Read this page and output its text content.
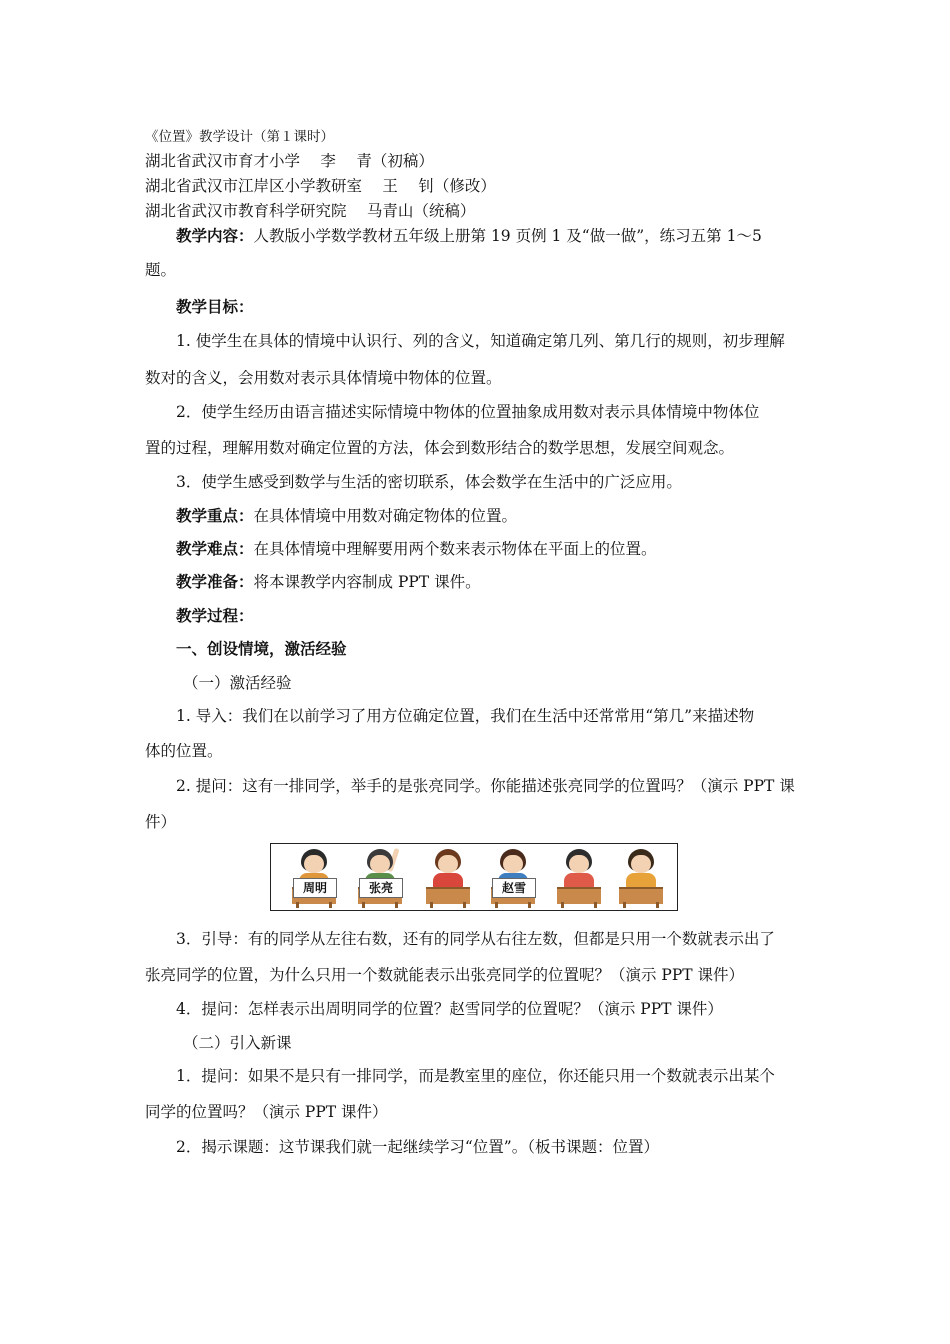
《位置》教学设计（第１课时）
湖北省武汉市育才小学　 李　 青（初稿）
湖北省武汉市江岸区小学教研室　 王　 钊（修改）
湖北省武汉市教育科学研究院　 马青山（统稿）
教学内容：人教版小学数学教材五年级上册第 19 页例 1 及“做一做”，练习五第 1～5
题。
教学目标：
1. 使学生在具体的情境中认识行、列的含义，知道确定第几列、第几行的规则，初步理解
数对的含义，会用数对表示具体情境中物体的位置。
2．使学生经历由语言描述实际情境中物体的位置抽象成用数对表示具体情境中物体位
置的过程，理解用数对确定位置的方法，体会到数形结合的数学思想，发展空间观念。
3．使学生感受到数学与生活的密切联系，体会数学在生活中的广泛应用。
教学重点：在具体情境中用数对确定物体的位置。
教学难点：在具体情境中理解要用两个数来表示物体在平面上的位置。
教学准备：将本课教学内容制成 PPT 课件。
教学过程：
一、创设情境，激活经验
（一）激活经验
1. 导入：我们在以前学习了用方位确定位置，我们在生活中还常常用“第几”来描述物
体的位置。
2. 提问：这有一排同学，举手的是张亮同学。你能描述张亮同学的位置吗？（演示 PPT 课
件）
周明	张亮	赵雪
3．引导：有的同学从左往右数，还有的同学从右往左数，但都是只用一个数就表示出了
张亮同学的位置，为什么只用一个数就能表示出张亮同学的位置呢？（演示 PPT 课件）
4．提问：怎样表示出周明同学的位置？赵雪同学的位置呢？（演示 PPT 课件）
（二）引入新课
1．提问：如果不是只有一排同学，而是教室里的座位，你还能只用一个数就表示出某个
同学的位置吗？（演示 PPT 课件）
2．揭示课题：这节课我们就一起继续学习“位置”。（板书课题：位置）
